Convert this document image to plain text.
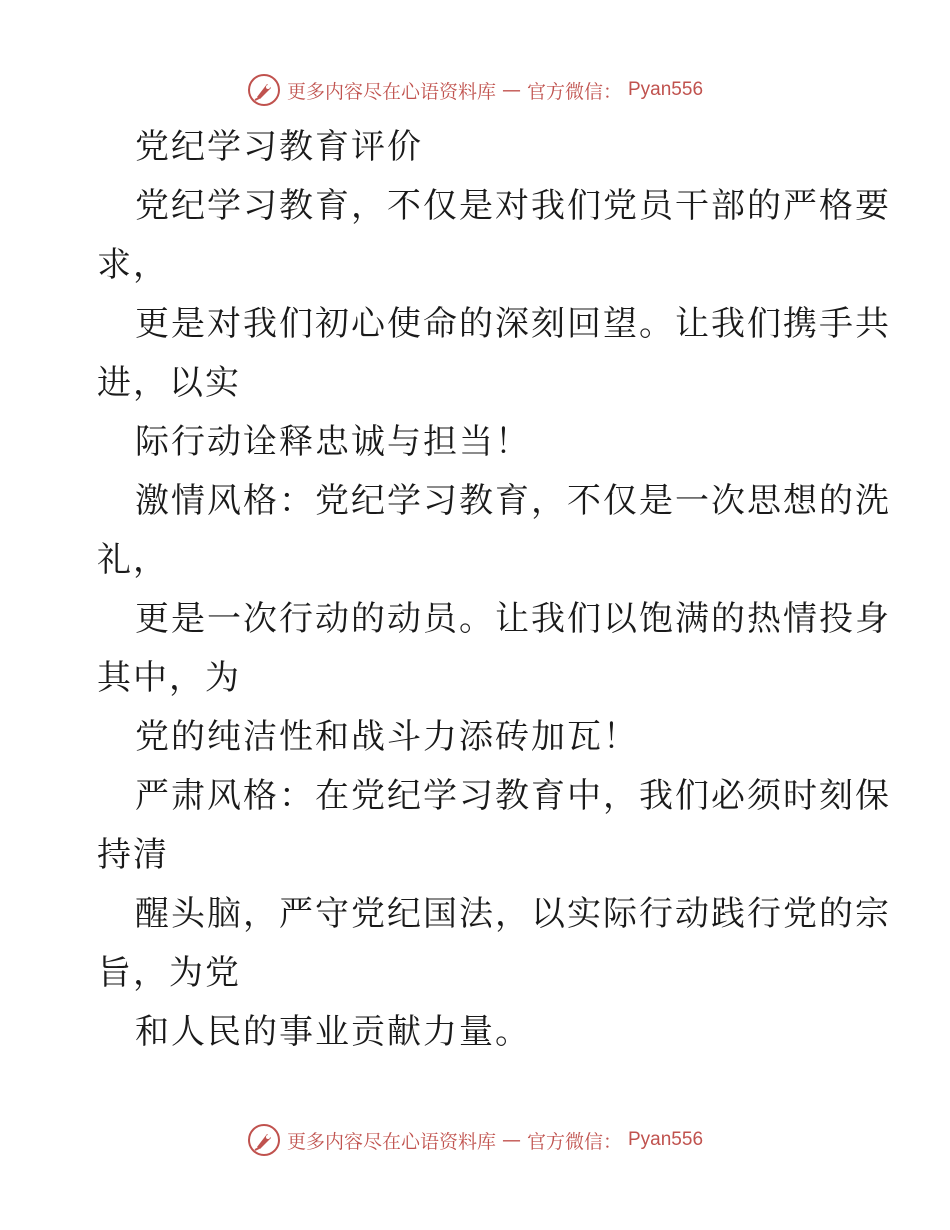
更多内容尽在心语资料库 — 官方微信： Pyan556
党纪学习教育评价
党纪学习教育，不仅是对我们党员干部的严格要
求，
更是对我们初心使命的深刻回望。让我们携手共
进，以实
际行动诠释忠诚与担当！
激情风格：党纪学习教育，不仅是一次思想的洗
礼，
更是一次行动的动员。让我们以饱满的热情投身
其中，为
党的纯洁性和战斗力添砖加瓦！
严肃风格：在党纪学习教育中，我们必须时刻保
持清
醒头脑，严守党纪国法，以实际行动践行党的宗
旨，为党
和人民的事业贡献力量。
更多内容尽在心语资料库 — 官方微信： Pyan556
